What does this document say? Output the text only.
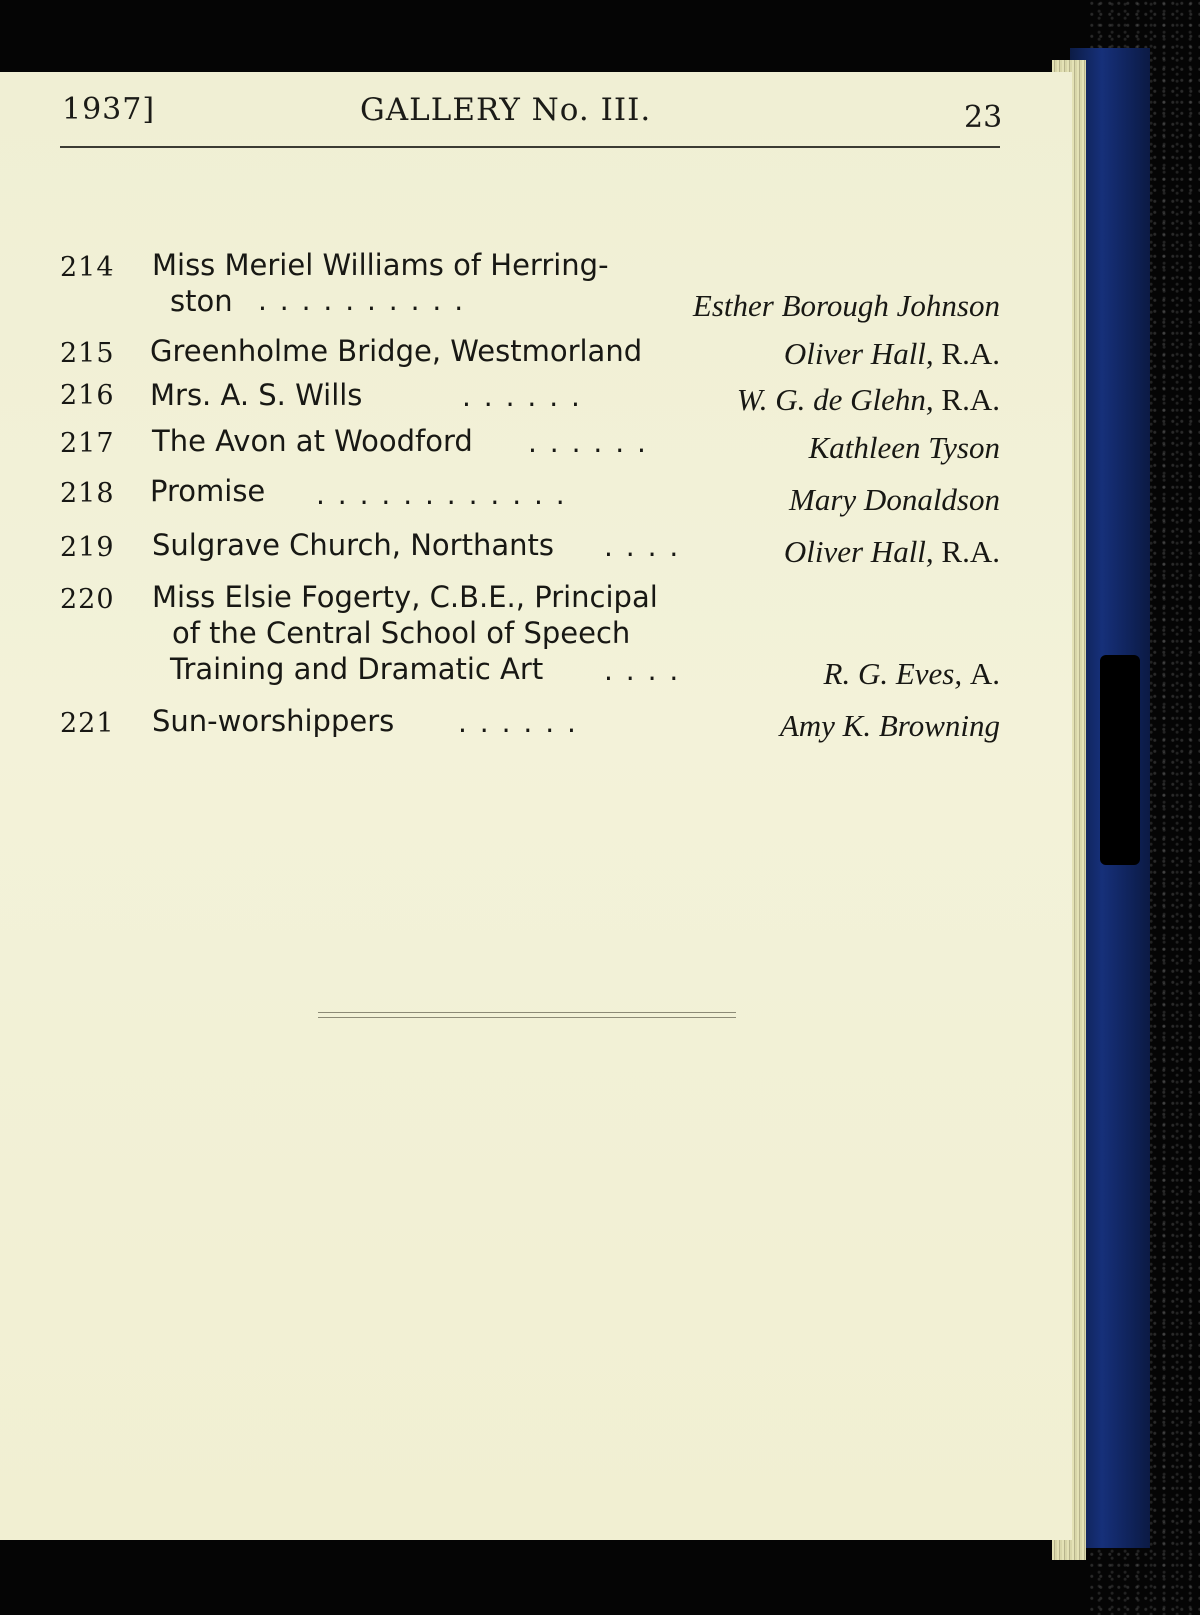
1937]	GALLERY No. III.	23
214 Miss Meriel Williams of Herring-
ston . . . . . . . . . .	Esther Borough Johnson
215 Greenholme Bridge, Westmorland	Oliver Hall, R.A.
216 Mrs. A. S. Wills	. . . . . .	W. G. de Glehn, R.A.
217 The Avon at Woodford . . . . . .	Kathleen Tyson
218 Promise . . . . . . . . . . . .	Mary Donaldson
219 Sulgrave Church, Northants . . . .	Oliver Hall, R.A.
220 Miss Elsie Fogerty, C.B.E., Principal
of the Central School of Speech
Training and Dramatic Art . . . .	R. G. Eves, A.
221 Sun-worshippers . . . . . .	Amy K. Browning
